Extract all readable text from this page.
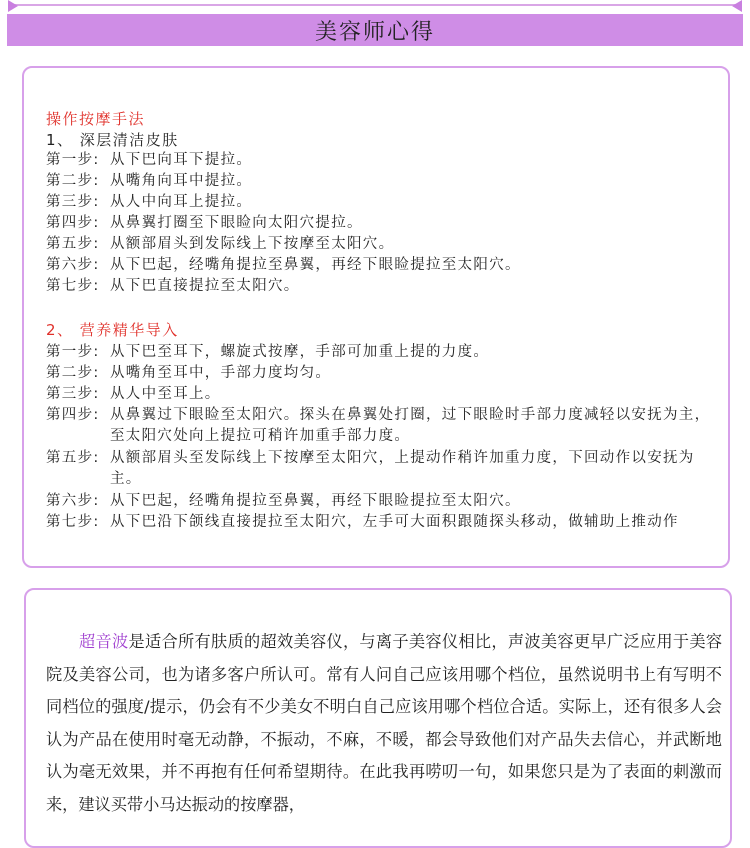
美容师心得
操作按摩手法
1、 深层清洁皮肤
第一步: 从下巴向耳下提拉。
第二步: 从嘴角向耳中提拉。
第三步: 从人中向耳上提拉。
第四步: 从鼻翼打圈至下眼睑向太阳穴提拉。
第五步: 从额部眉头到发际线上下按摩至太阳穴。
第六步: 从下巴起，经嘴角提拉至鼻翼，再经下眼睑提拉至太阳穴。
第七步: 从下巴直接提拉至太阳穴。
2、 营养精华导入
第一步: 从下巴至耳下，螺旋式按摩，手部可加重上提的力度。
第二步: 从嘴角至耳中，手部力度均匀。
第三步: 从人中至耳上。
第四步: 从鼻翼过下眼睑至太阳穴。探头在鼻翼处打圈，过下眼睑时手部力度减轻以安抚为主，至太阳穴处向上提拉可稍许加重手部力度。
第五步: 从额部眉头至发际线上下按摩至太阳穴，上提动作稍许加重力度，下回动作以安抚为主。
第六步: 从下巴起，经嘴角提拉至鼻翼，再经下眼睑提拉至太阳穴。
第七步: 从下巴沿下颌线直接提拉至太阳穴，左手可大面积跟随探头移动，做辅助上推动作
　　超音波是适合所有肤质的超效美容仪，与离子美容仪相比，声波美容更早广泛应用于美容院及美容公司，也为诸多客户所认可。常有人问自己应该用哪个档位，虽然说明书上有写明不同档位的强度/提示，仍会有不少美女不明白自己应该用哪个档位合适。实际上，还有很多人会认为产品在使用时毫无动静，不振动，不麻，不暖，都会导致他们对产品失去信心，并武断地认为毫无效果，并不再抱有任何希望期待。在此我再唠叨一句，如果您只是为了表面的刺激而来，建议买带小马达振动的按摩器，
